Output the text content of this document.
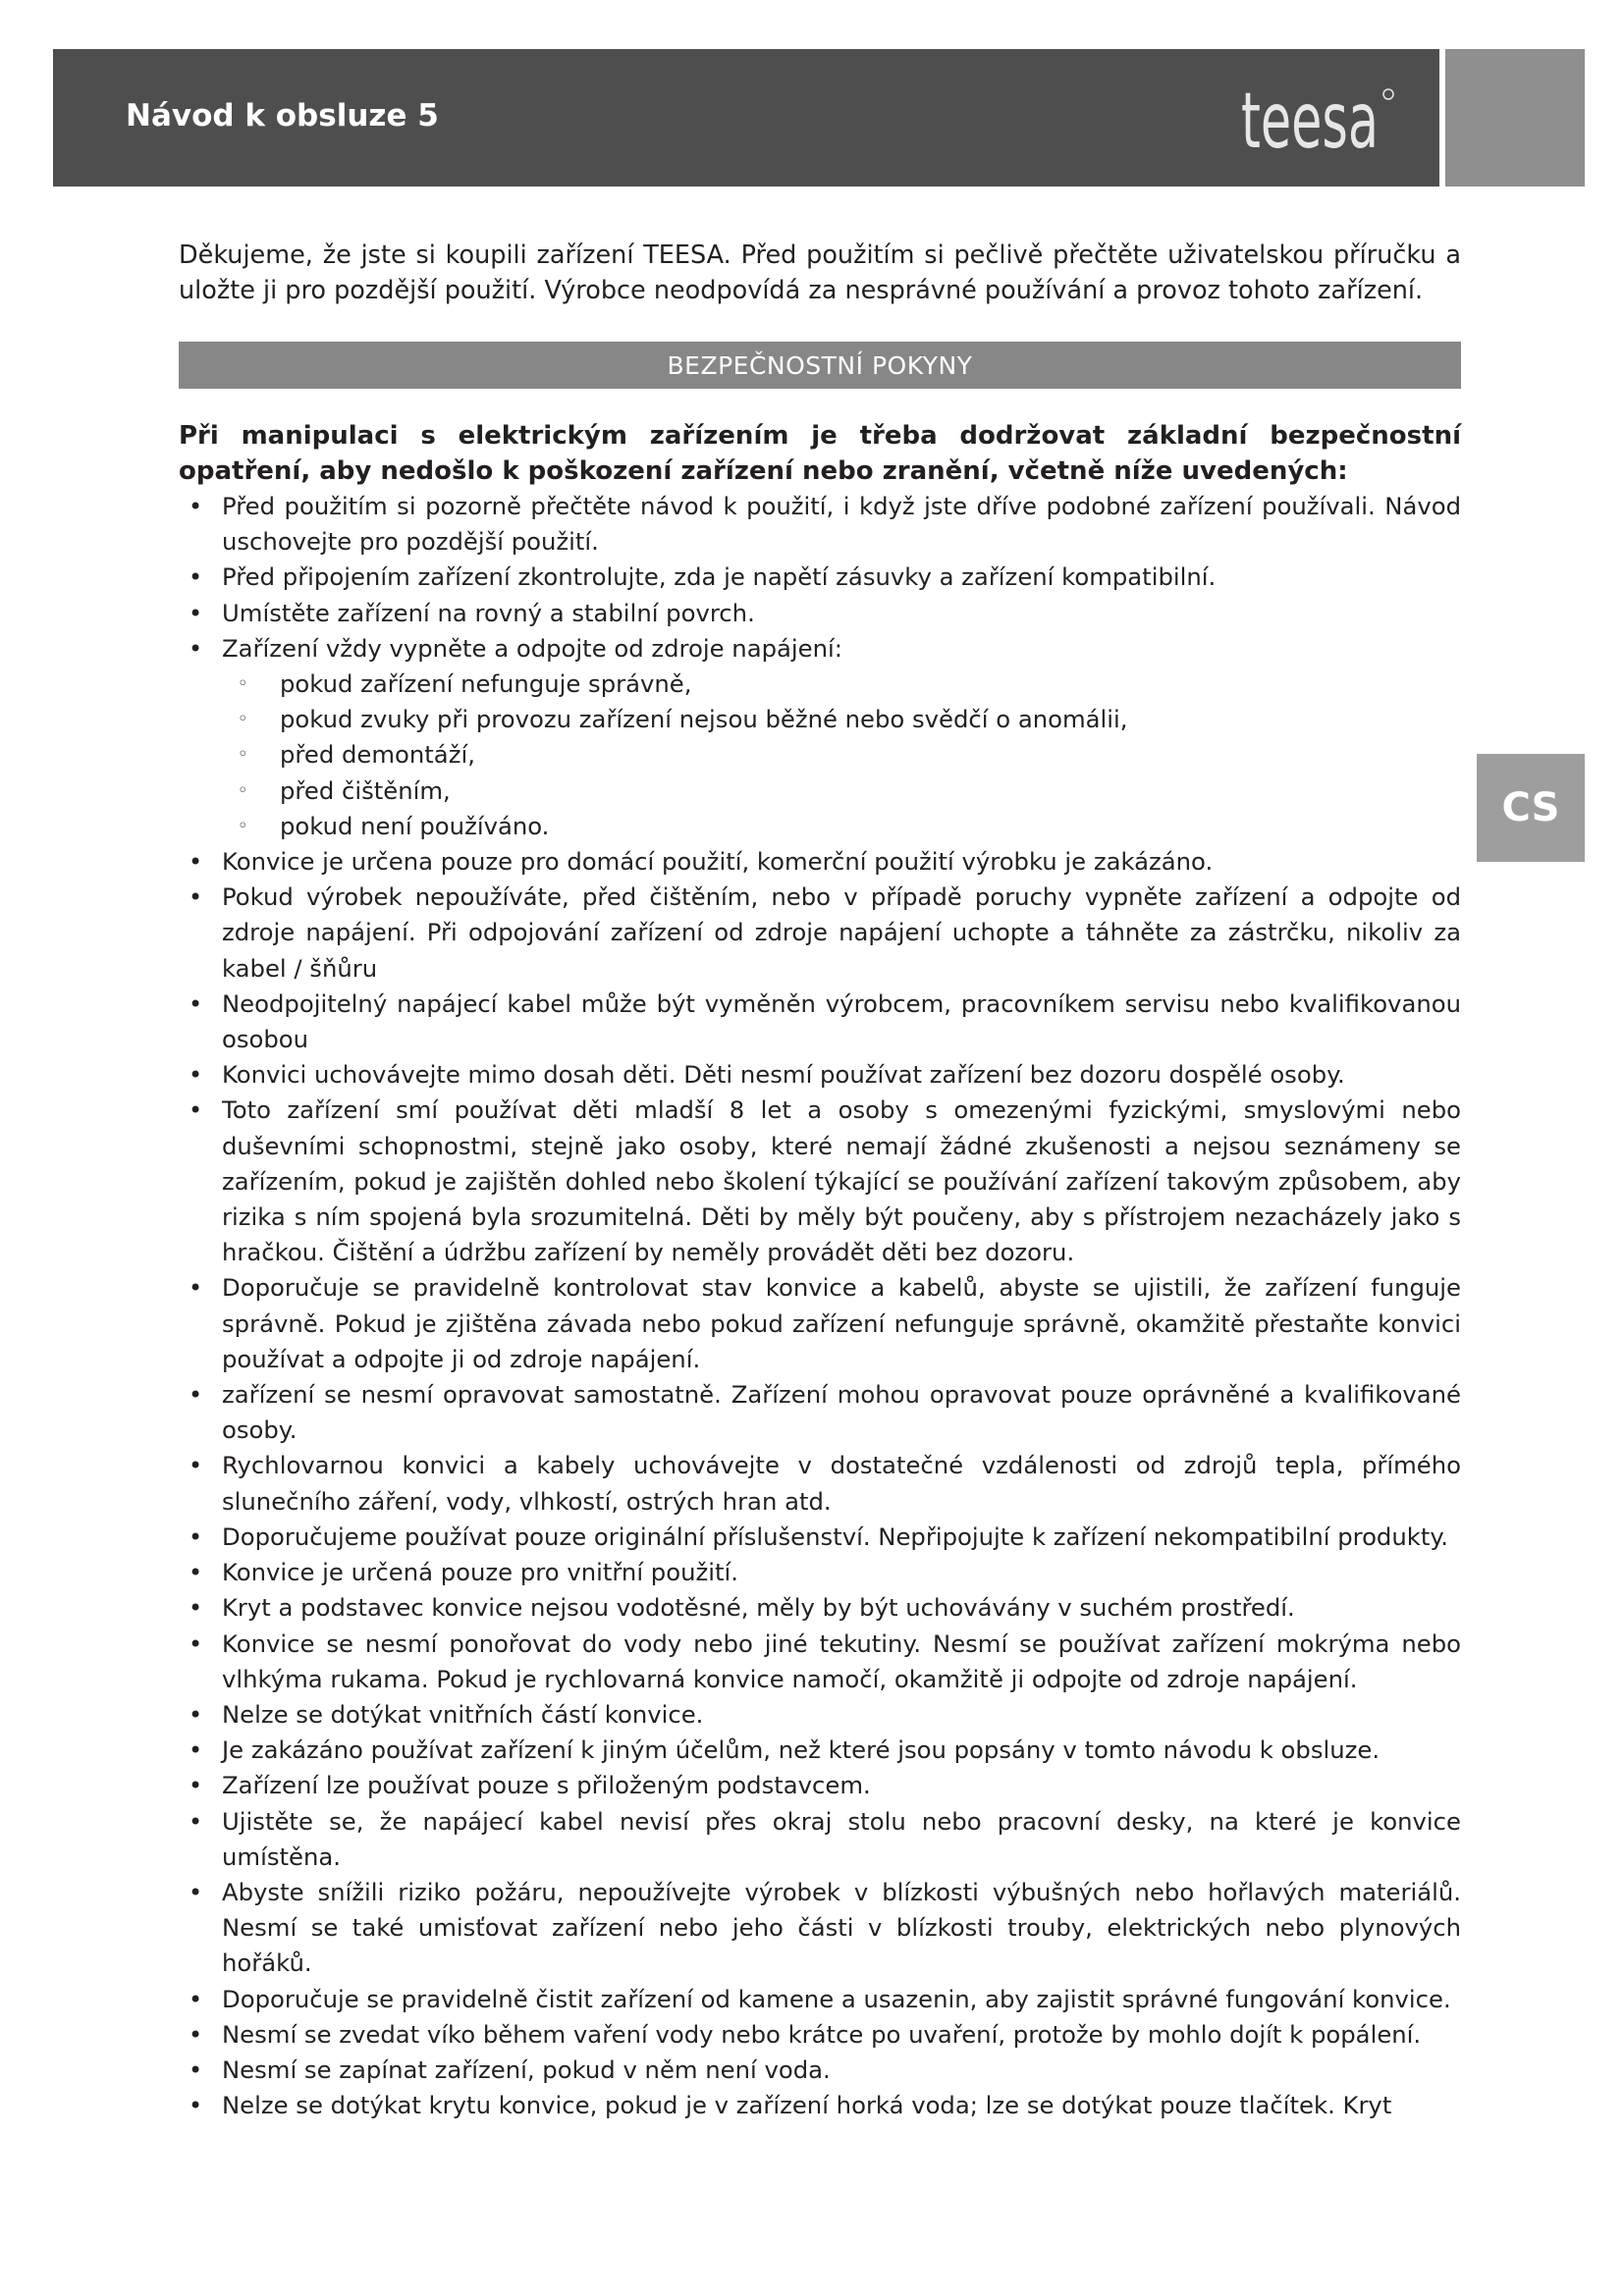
Návod k obsluze 5	teesa
CS

Děkujeme, že jste si koupili zařízení TEESA. Před použitím si pečlivě přečtěte uživatelskou příručku a uložte ji pro pozdější použití. Výrobce neodpovídá za nesprávné používání a provoz tohoto zařízení.

BEZPEČNOSTNÍ POKYNY

Při manipulaci s elektrickým zařízením je třeba dodržovat základní bezpečnostní opatření, aby nedošlo k poškození zařízení nebo zranění, včetně níže uvedených:

• Před použitím si pozorně přečtěte návod k použití, i když jste dříve podobné zařízení používali. Návod uschovejte pro pozdější použití.
• Před připojením zařízení zkontrolujte, zda je napětí zásuvky a zařízení kompatibilní.
• Umístěte zařízení na rovný a stabilní povrch.
• Zařízení vždy vypněte a odpojte od zdroje napájení:
◦ pokud zařízení nefunguje správně,
◦ pokud zvuky při provozu zařízení nejsou běžné nebo svědčí o anomálii,
◦ před demontáží,
◦ před čištěním,
◦ pokud není používáno.
• Konvice je určena pouze pro domácí použití, komerční použití výrobku je zakázáno.
• Pokud výrobek nepoužíváte, před čištěním, nebo v případě poruchy vypněte zařízení a odpojte od zdroje napájení. Při odpojování zařízení od zdroje napájení uchopte a táhněte za zástrčku, nikoliv za kabel / šňůru
• Neodpojitelný napájecí kabel může být vyměněn výrobcem, pracovníkem servisu nebo kvalifikovanou osobou
• Konvici uchovávejte mimo dosah děti. Děti nesmí používat zařízení bez dozoru dospělé osoby.
• Toto zařízení smí používat děti mladší 8 let a osoby s omezenými fyzickými, smyslovými nebo duševními schopnostmi, stejně jako osoby, které nemají žádné zkušenosti a nejsou seznámeny se zařízením, pokud je zajištěn dohled nebo školení týkající se používání zařízení takovým způsobem, aby rizika s ním spojená byla srozumitelná. Děti by měly být poučeny, aby s přístrojem nezacházely jako s hračkou. Čištění a údržbu zařízení by neměly provádět děti bez dozoru.
• Doporučuje se pravidelně kontrolovat stav konvice a kabelů, abyste se ujistili, že zařízení funguje správně. Pokud je zjištěna závada nebo pokud zařízení nefunguje správně, okamžitě přestaňte konvici používat a odpojte ji od zdroje napájení.
• zařízení se nesmí opravovat samostatně. Zařízení mohou opravovat pouze oprávněné a kvalifikované osoby.
• Rychlovarnou konvici a kabely uchovávejte v dostatečné vzdálenosti od zdrojů tepla, přímého slunečního záření, vody, vlhkostí, ostrých hran atd.
• Doporučujeme používat pouze originální příslušenství. Nepřipojujte k zařízení nekompatibilní produkty.
• Konvice je určená pouze pro vnitřní použití.
• Kryt a podstavec konvice nejsou vodotěsné, měly by být uchovávány v suchém prostředí.
• Konvice se nesmí ponořovat do vody nebo jiné tekutiny. Nesmí se používat zařízení mokrýma nebo vlhkýma rukama. Pokud je rychlovarná konvice namočí, okamžitě ji odpojte od zdroje napájení.
• Nelze se dotýkat vnitřních částí konvice.
• Je zakázáno používat zařízení k jiným účelům, než které jsou popsány v tomto návodu k obsluze.
• Zařízení lze používat pouze s přiloženým podstavcem.
• Ujistěte se, že napájecí kabel nevisí přes okraj stolu nebo pracovní desky, na které je konvice umístěna.
• Abyste snížili riziko požáru, nepoužívejte výrobek v blízkosti výbušných nebo hořlavých materiálů. Nesmí se také umisťovat zařízení nebo jeho části v blízkosti trouby, elektrických nebo plynových hořáků.
• Doporučuje se pravidelně čistit zařízení od kamene a usazenin, aby zajistit správné fungování konvice.
• Nesmí se zvedat víko během vaření vody nebo krátce po uvaření, protože by mohlo dojít k popálení.
• Nesmí se zapínat zařízení, pokud v něm není voda.
• Nelze se dotýkat krytu konvice, pokud je v zařízení horká voda; lze se dotýkat pouze tlačítek. Kryt
